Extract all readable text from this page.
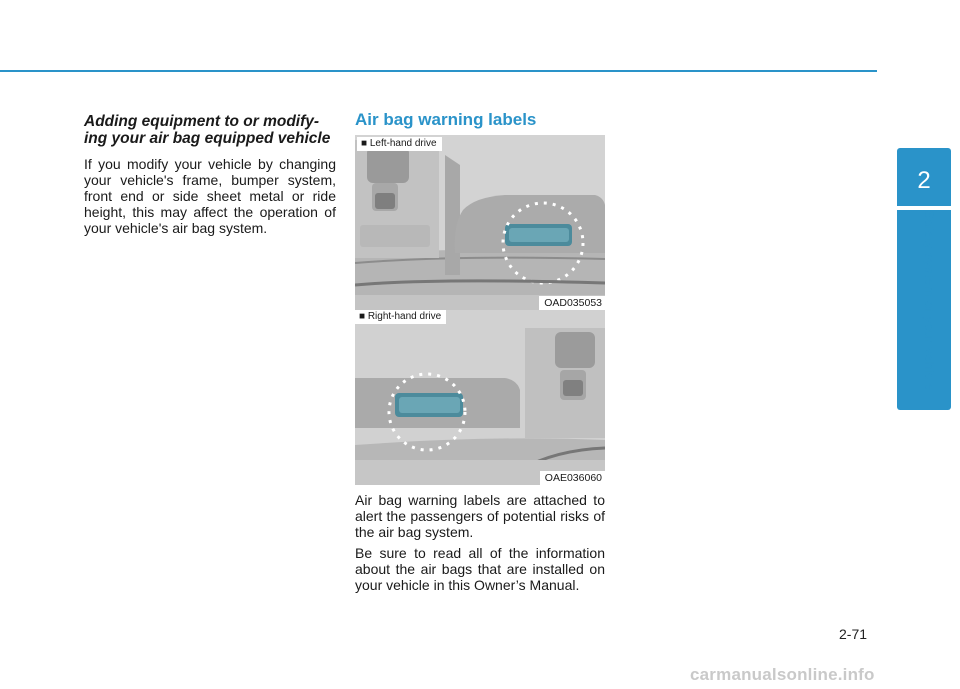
2
Safety system of your vehicle

Adding equipment to or modify-
ing your air bag equipped vehicle

If you modify your vehicle by changing your vehicle's frame, bumper system, front end or side sheet metal or ride height, this may affect the operation of your vehicle's air bag system.

Air bag warning labels
■ Left-hand drive
OAD035053
■ Right-hand drive
OAE036060

Air bag warning labels are attached to alert the passengers of potential risks of the air bag system.

Be sure to read all of the information about the air bags that are installed on your vehicle in this Owner’s Manual.

2-71
carmanualsonline.info
